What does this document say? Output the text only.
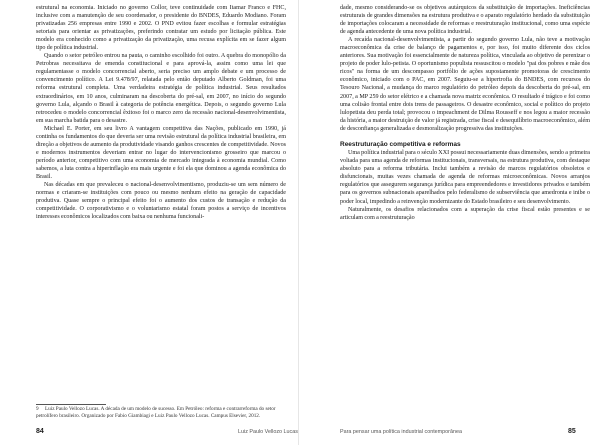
estrutural na economia. Iniciado no governo Collor, teve continuidade com Itamar Franco e FHC, inclusive com a manutenção de seu coordenador, o presidente do BNDES, Eduardo Modiano. Foram privatizadas 256 empresas entre 1990 e 2002. O PND evitou fazer escolhas e formular estratégias setoriais para orientar as privatizações, preferindo contratar um estudo por licitação pública. Este modelo era conhecido como a privatização da privatização, uma recusa explícita em se fazer algum tipo de política industrial.

Quando o setor petróleo entrou na pauta, o caminho escolhido foi outro. A quebra do monopólio da Petrobras necessitava de emenda constitucional e para aprová-la, assim como uma lei que regulamentasse o modelo concorrencial aberto, seria preciso um amplo debate e um processo de convencimento político. A Lei 9.478/97, relatada pelo então deputado Alberto Goldman, foi uma reforma estrutural completa. Uma verdadeira estratégia de política industrial. Seus resultados extraordinários, em 10 anos, culminaram na descoberta do pré-sal, em 2007, no início do segundo governo Lula, alçando o Brasil à categoria de potência energética. Depois, o segundo governo Lula retrocedeu o modelo concorrencial êxitoso foi o marco zero da recessão nacional-desenvolvimentista, em sua marcha batida para o desastre.

Michael E. Porter, em seu livro A vantagem competitiva das Nações, publicado em 1990, já continha os fundamentos do que deveria ser uma revisão estrutural da política industrial brasileira, em direção a objetivos de aumento da produtividade visando ganhos crescentes de competitividade. Novos e modernos instrumentos deveriam entrar no lugar do intervencionismo grosseiro que marcou o período anterior, competitivo com uma economia de mercado integrada à economia mundial. Como sabemos, a luta contra a hiperinflação era mais urgente e foi ela que dominou a agenda econômica do Brasil.

Nas décadas em que prevaleceu o nacional-desenvolvimentismo, produziu-se um sem número de normas e criaram-se instituições com pouco ou mesmo nenhum efeito na geração de capacidade produtiva. Quase sempre o principal efeito foi o aumento dos custos de transação e redução da competitividade. O corporativismo e o voluntarismo estatal foram postos a serviço de incentivos interesses econômicos localizados com baixa ou nenhuma funcionali-

9 Luiz Paulo Vellozo Lucas. A década de um modelo de sucesso. Em Petróleo: reforma e contrarreforma do setor petrolífero brasileiro. Organizado por Fabio Giambiagi e Luiz Paulo Vellozo Lucas. Campus Elsevier, 2012.

84	Luiz Paulo Vellozo Lucas

dade, mesmo considerando-se os objetivos autárquicos da substituição de importações. Ineficiências estruturais de grandes dimensões na estrutura produtiva e o aparato regulatório herdado da substituição de importações colocaram a necessidade de reformas e reestruturação institucional, como uma espécie de agenda antecedente de uma nova política industrial.

A recaída nacional-desenvolvimentista, a partir do segundo governo Lula, não teve a motivação macroeconômica da crise de balanço de pagamentos e, por isso, foi muito diferente dos ciclos anteriores. Sua motivação foi essencialmente de natureza política, vinculada ao objetivo de perenizar o projeto de poder lulo-petista. O oportunismo populista ressuscitou o modelo "pai dos pobres e mãe dos ricos" na forma de um descompasso portfólio de ações supostamente promotoras de crescimento econômico, iniciado com o PAC, em 2007. Seguiu-se a hipertrofia do BNDES, com recursos do Tesouro Nacional, a mudança do marco regulatório do petróleo depois da descoberta do pré-sal, em 2007, a MP 259 do setor elétrico e a chamada nova matriz econômica. O resultado é trágico e foi como uma colisão frontal entre dois trens de passageiros. O desastre econômico, social e político do projeto lulopetista deu perda total; provocou o impeachment de Dilma Rousseff e nos legou a maior recessão da história, a maior destruição de valor já registrada, crise fiscal e desequilíbrio macroeconômico, além de desconfiança generalizada e desmoralização progressiva das instituições.

Reestruturação competitiva e reformas

Uma política industrial para o século XXI possui necessariamente duas dimensões, sendo a primeira voltada para uma agenda de reformas institucionais, transversais, na estrutura produtiva, com destaque absoluto para a reforma tributária. Inclui também a revisão de marcos regulatórios obsoletos e disfuncionais, muitas vezes chamada de agenda de reformas microeconômicas. Novos arranjos regulatórios que assegurem segurança jurídica para empreendedores e investidores privados e também para os governos subnacionais aparelhados pelo federalismo de subserviência que amedronta e inibe o poder local, impedindo a reinvenção modernizante do Estado brasileiro e seu desenvolvimento.

Naturalmente, os desafios relacionados com a superação da crise fiscal estão presentes e se articulam com a reestruturação

Para pensar uma política industrial contemporânea	85
